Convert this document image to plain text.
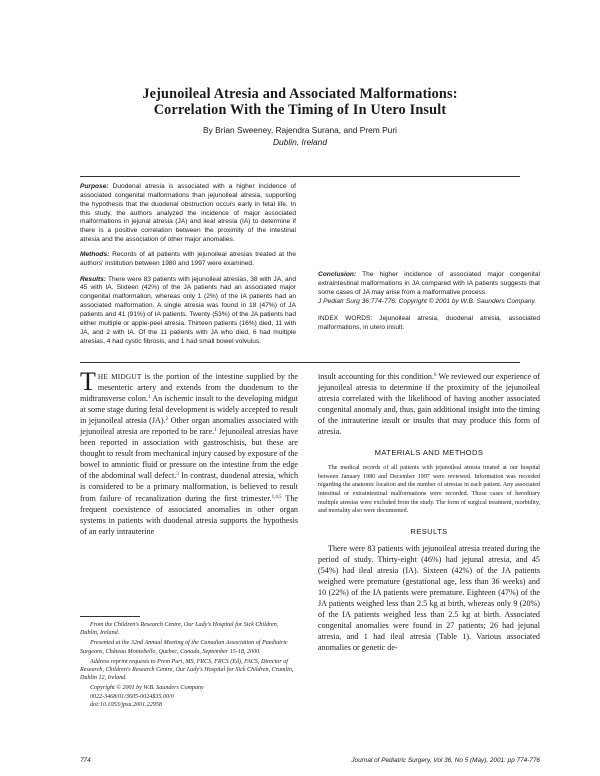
Jejunoileal Atresia and Associated Malformations:
Correlation With the Timing of In Utero Insult
By Brian Sweeney, Rajendra Surana, and Prem Puri
Dublin, Ireland

Purpose: Duodenal atresia is associated with a higher incidence of associated congenital malformations than jejunoileal atresia, supporting the hypothesis that the duodenal obstruction occurs early in fetal life. In this study, the authors analyzed the incidence of major associated malformations in jejunal atresia (JA) and ileal atresia (IA) to determine if there is a positive correlation between the proximity of the intestinal atresia and the association of other major anomalies.

Methods: Records of all patients with jejunoileal atresias treated at the authors' institution between 1980 and 1997 were examined.

Results: There were 83 patients with jejunoileal atresias, 38 with JA, and 45 with IA. Sixteen (42%) of the JA patients had an associated major congenital malformation, whereas only 1 (2%) of the IA patients had an associated malformation. A single atresia was found in 18 (47%) of JA patients and 41 (91%) of IA patients. Twenty (53%) of the JA patients had either multiple or apple-peel atresia. Thirteen patients (16%) died, 11 with JA, and 2 with IA. Of the 11 patients with JA who died, 6 had multiple atresias, 4 had cystic fibrosis, and 1 had small bowel volvulus.

Conclusion: The higher incidence of associated major congenital extraintestinal malformations in JA compared with IA patients suggests that some cases of JA may arise from a malformative process.
J Pediatr Surg 36:774-776. Copyright © 2001 by W.B. Saunders Company.

INDEX WORDS: Jejunoileal atresia, duodenal atresia, associated malformations, in utero insult.

THE MIDGUT is the portion of the intestine supplied by the mesenteric artery and extends from the duodenum to the midtransverse colon.$^1$ An ischemic insult to the developing midgut at some stage during fetal development is widely accepted to result in jejunoileal atresia (JA).$^2$ Other organ anomalies associated with jejunoileal atresia are reported to be rare.$^1$ Jejunoileal atresias have been reported in association with gastroschisis, but these are thought to result from mechanical injury caused by exposure of the bowel to amniotic fluid or pressure on the intestine from the edge of the abdominal wall defect.$^3$ In contrast, duodenal atresia, which is considered to be a primary malformation, is believed to result from failure of recanalization during the first trimester.$^{1,4,5}$ The frequent coexistence of associated anomalies in other organ systems in patients with duodenal atresia supports the hypothesis of an early intrauterine

From the Children's Research Centre, Our Lady's Hospital for Sick Children, Dublin, Ireland.

Presented at the 32nd Annual Meeting of the Canadian Association of Paediatric Surgeons, Château Montebello, Quebec, Canada, September 15-18, 2000.

Address reprint requests to Prem Puri, MS, FRCS, FRCS (Ed), FACS, Director of Research, Children's Research Centre, Our Lady's Hospital for Sick Children, Crumlin, Dublin 12, Ireland.

Copyright © 2001 by W.B. Saunders Company

0022-3468/01/3605-0024$35.00/0

doi:10.1053/jpsu.2001.22958

insult accounting for this condition.$^6$ We reviewed our experience of jejunoileal atresia to determine if the proximity of the jejunoileal atresia correlated with the likelihood of having another associated congenital anomaly and, thus, gain additional insight into the timing of the intrauterine insult or insults that may produce this form of atresia.

MATERIALS AND METHODS

The medical records of all patients with jejunoileal atresia treated at our hospital between January 1980 and December 1997 were reviewed. Information was recorded regarding the anatomic location and the number of atresias in each patient. Any associated intestinal or extraintestinal malformations were recorded. Those cases of hereditary multiple atresias were excluded from the study. The form of surgical treatment, morbidity, and mortality also were documented.

RESULTS

There were 83 patients with jejunoileal atresia treated during the period of study. Thirty-eight (46%) had jejunal atresia, and 45 (54%) had ileal atresia (IA). Sixteen (42%) of the JA patients weighed were premature (gestational age, less than 36 weeks) and 10 (22%) of the IA patients were premature. Eighteen (47%) of the JA patients weighed less than 2.5 kg at birth, whereas only 9 (20%) of the IA patients weighed less than 2.5 kg at birth. Associated congenital anomalies were found in 27 patients; 26 had jejunal atresia, and 1 had ileal atresia (Table 1). Various associated anomalies or genetic de-

774	Journal of Pediatric Surgery, Vol 36, No 5 (May), 2001: pp 774-776
